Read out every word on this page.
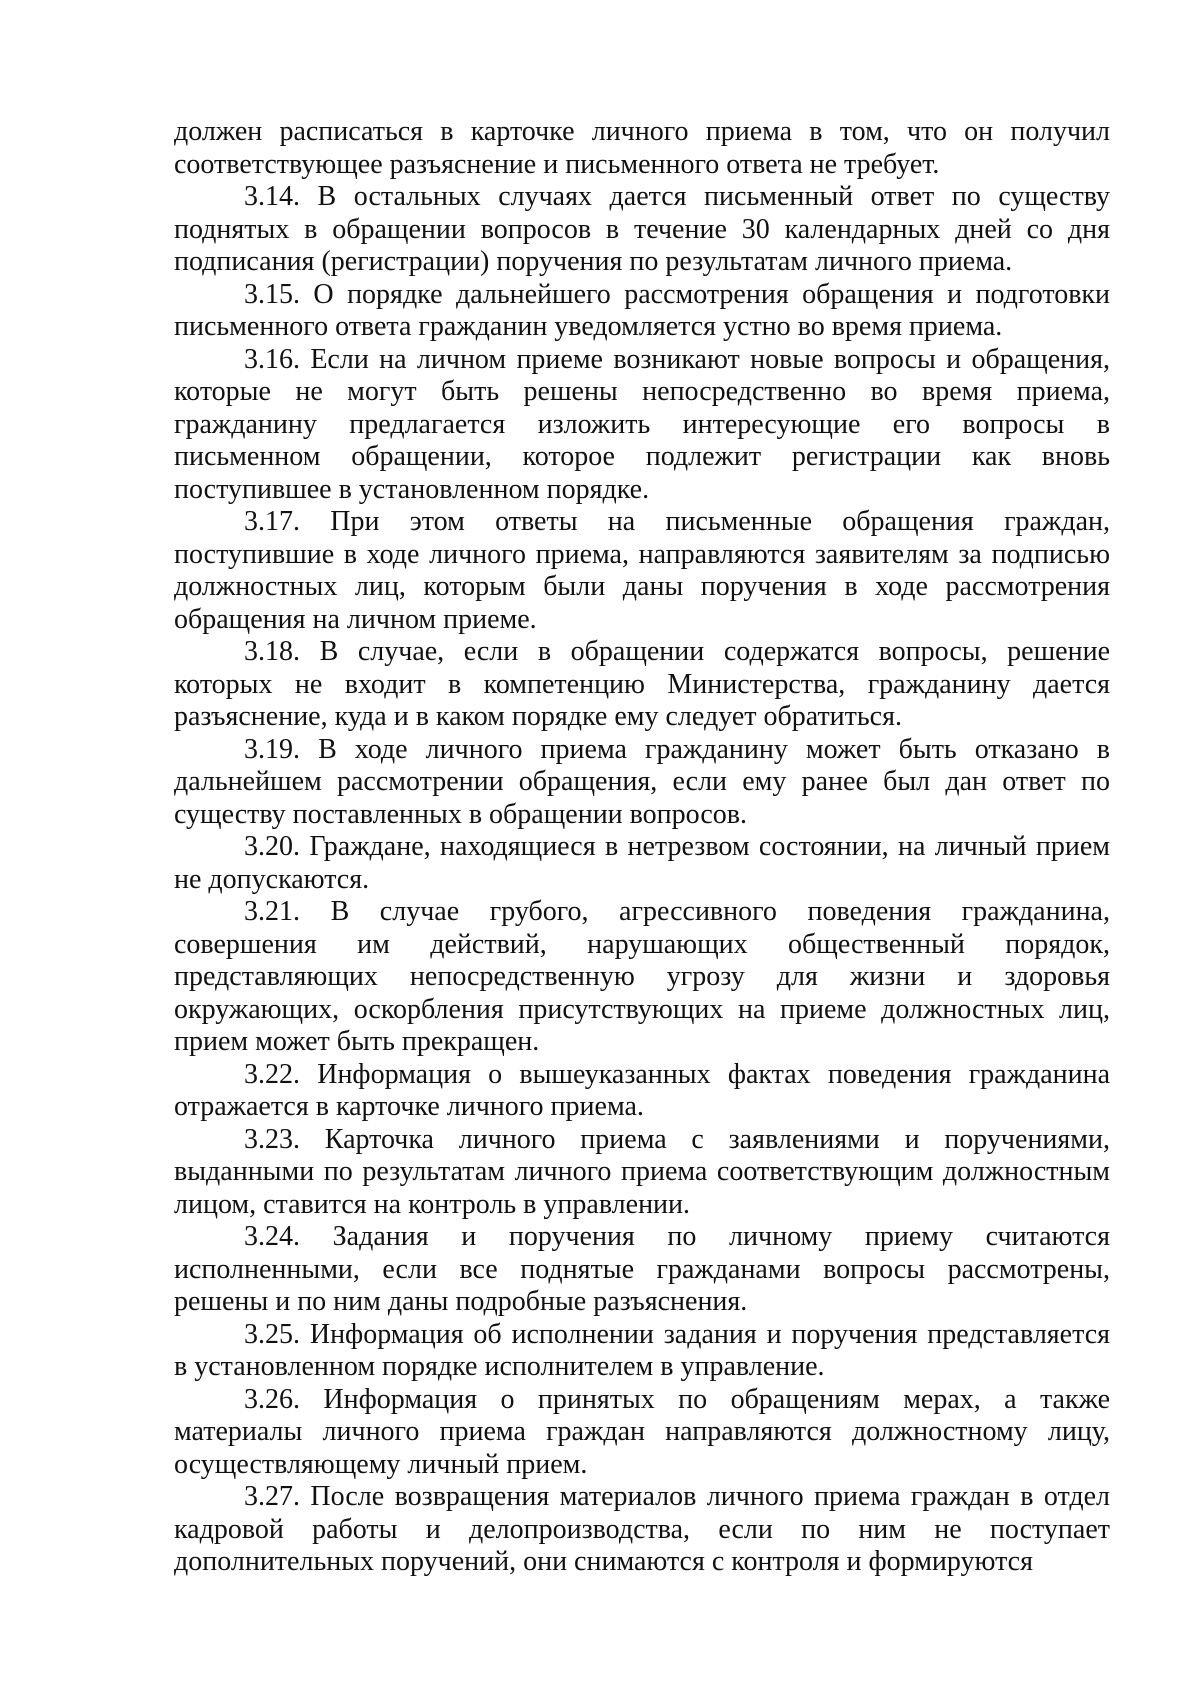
должен расписаться в карточке личного приема в том, что он получил соответствующее разъяснение и письменного ответа не требует.

3.14. В остальных случаях дается письменный ответ по существу поднятых в обращении вопросов в течение 30 календарных дней со дня подписания (регистрации) поручения по результатам личного приема.

3.15. О порядке дальнейшего рассмотрения обращения и подготовки письменного ответа гражданин уведомляется устно во время приема.

3.16. Если на личном приеме возникают новые вопросы и обращения, которые не могут быть решены непосредственно во время приема, гражданину предлагается изложить интересующие его вопросы в письменном обращении, которое подлежит регистрации как вновь поступившее в установленном порядке.

3.17. При этом ответы на письменные обращения граждан, поступившие в ходе личного приема, направляются заявителям за подписью должностных лиц, которым были даны поручения в ходе рассмотрения обращения на личном приеме.

3.18. В случае, если в обращении содержатся вопросы, решение которых не входит в компетенцию Министерства, гражданину дается разъяснение, куда и в каком порядке ему следует обратиться.

3.19. В ходе личного приема гражданину может быть отказано в дальнейшем рассмотрении обращения, если ему ранее был дан ответ по существу поставленных в обращении вопросов.

3.20. Граждане, находящиеся в нетрезвом состоянии, на личный прием не допускаются.

3.21. В случае грубого, агрессивного поведения гражданина, совершения им действий, нарушающих общественный порядок, представляющих непосредственную угрозу для жизни и здоровья окружающих, оскорбления присутствующих на приеме должностных лиц, прием может быть прекращен.

3.22. Информация о вышеуказанных фактах поведения гражданина отражается в карточке личного приема.

3.23. Карточка личного приема с заявлениями и поручениями, выданными по результатам личного приема соответствующим должностным лицом, ставится на контроль в управлении.

3.24. Задания и поручения по личному приему считаются исполненными, если все поднятые гражданами вопросы рассмотрены, решены и по ним даны подробные разъяснения.

3.25. Информация об исполнении задания и поручения представляется в установленном порядке исполнителем в управление.

3.26. Информация о принятых по обращениям мерах, а также материалы личного приема граждан направляются должностному лицу, осуществляющему личный прием.

3.27. После возвращения материалов личного приема граждан в отдел кадровой работы и делопроизводства, если по ним не поступает дополнительных поручений, они снимаются с контроля и формируются
